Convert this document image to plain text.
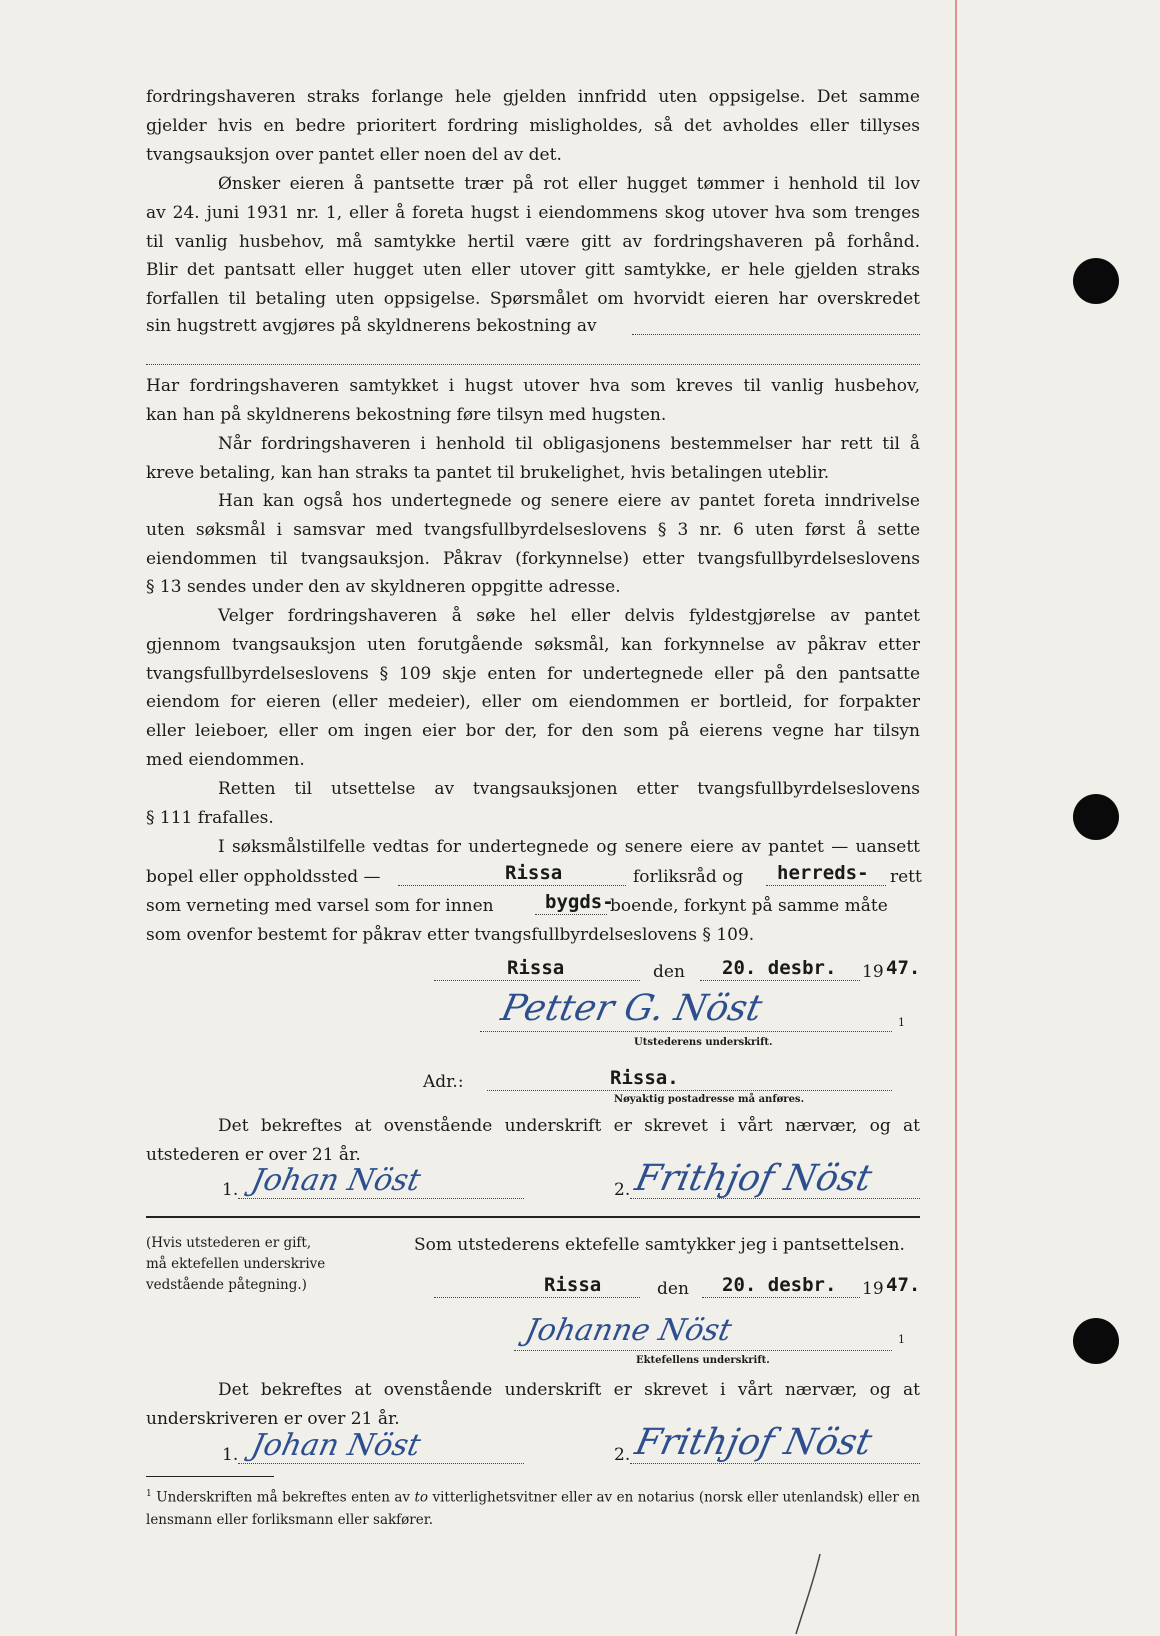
fordringshaveren straks forlange hele gjelden innfridd uten oppsigelse. Det samme
gjelder hvis en bedre prioritert fordring misligholdes, så det avholdes eller tillyses
tvangsauksjon over pantet eller noen del av det.
Ønsker eieren å pantsette trær på rot eller hugget tømmer i henhold til lov
av 24. juni 1931 nr. 1, eller å foreta hugst i eiendommens skog utover hva som trenges
til vanlig husbehov, må samtykke hertil være gitt av fordringshaveren på forhånd.
Blir det pantsatt eller hugget uten eller utover gitt samtykke, er hele gjelden straks
forfallen til betaling uten oppsigelse. Spørsmålet om hvorvidt eieren har overskredet
sin hugstrett avgjøres på skyldnerens bekostning av
Har fordringshaveren samtykket i hugst utover hva som kreves til vanlig husbehov,
kan han på skyldnerens bekostning føre tilsyn med hugsten.
Når fordringshaveren i henhold til obligasjonens bestemmelser har rett til å
kreve betaling, kan han straks ta pantet til brukelighet, hvis betalingen uteblir.
Han kan også hos undertegnede og senere eiere av pantet foreta inndrivelse
uten søksmål i samsvar med tvangsfullbyrdelseslovens § 3 nr. 6 uten først å sette
eiendommen til tvangsauksjon. Påkrav (forkynnelse) etter tvangsfullbyrdelseslovens
§ 13 sendes under den av skyldneren oppgitte adresse.
Velger fordringshaveren å søke hel eller delvis fyldestgjørelse av pantet
gjennom tvangsauksjon uten forutgående søksmål, kan forkynnelse av påkrav etter
tvangsfullbyrdelseslovens § 109 skje enten for undertegnede eller på den pantsatte
eiendom for eieren (eller medeier), eller om eiendommen er bortleid, for forpakter
eller leieboer, eller om ingen eier bor der, for den som på eierens vegne har tilsyn
med eiendommen.
Retten til utsettelse av tvangsauksjonen etter tvangsfullbyrdelseslovens
§ 111 frafalles.
I søksmålstilfelle vedtas for undertegnede og senere eiere av pantet — uansett
bopel eller oppholdssted —	Rissa	forliksråd og herreds- rett
som verneting med varsel som for innen	bygds-
boende, forkynt på samme måte
som ovenfor bestemt for påkrav etter tvangsfullbyrdelseslovens § 109.
Rissa	den 20. desbr. 19 47.
Petter G. Nöst	1
Utstederens underskrift.
Adr.:	Rissa.
Nøyaktig postadresse må anføres.
Det bekreftes at ovenstående underskrift er skrevet i vårt nærvær, og at
utstederen er over 21 år.
1. Johan Nöst	2. Frithjof Nöst
(Hvis utstederen er gift,
må ektefellen underskrive
vedstående påtegning.)
Som utstederens ektefelle samtykker jeg i pantsettelsen.
Rissa	den 20. desbr. 19 47.
Johanne Nöst	1
Ektefellens underskrift.
Det bekreftes at ovenstående underskrift er skrevet i vårt nærvær, og at
underskriveren er over 21 år.
1. Johan Nöst	2. Frithjof Nöst
$^1$ Underskriften må bekreftes enten av to vitterlighetsvitner eller av en notarius (norsk eller utenlandsk) eller en lensmann eller forliksmann eller sakfører.
